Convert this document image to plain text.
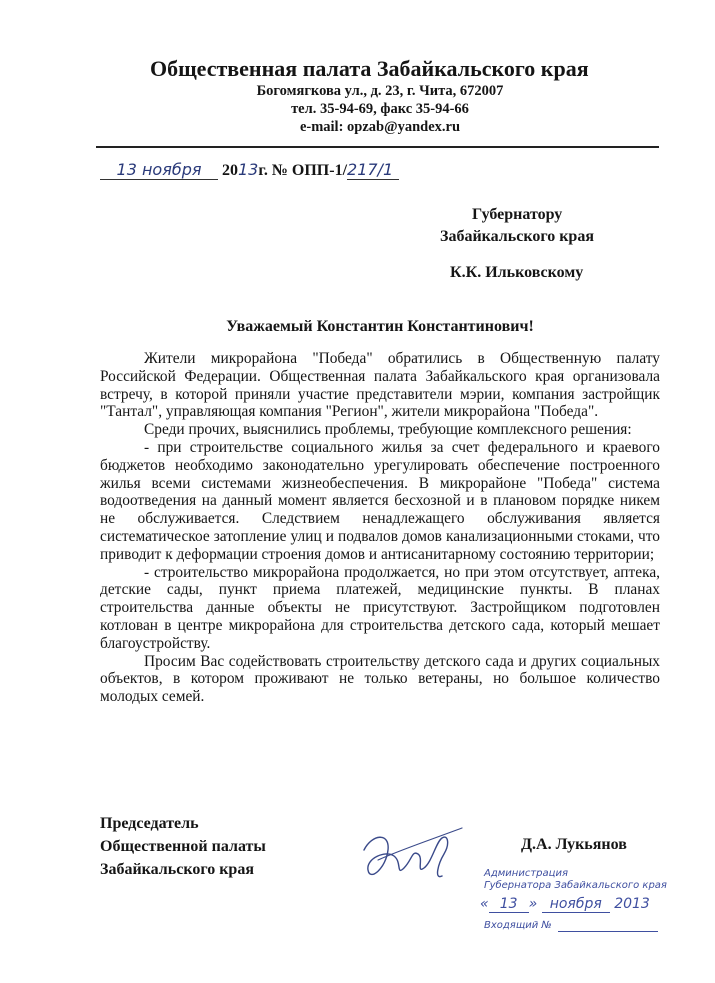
Общественная палата Забайкальского края
Богомягкова ул., д. 23, г. Чита, 672007
тел. 35-94-69, факс 35-94-66
e-mail: opzab@yandex.ru
13 ноября 2013г. № ОПП-1/217/1
Губернатору
Забайкальского края
К.К. Ильковскому
Уважаемый Константин Константинович!

Жители микрорайона "Победа" обратились в Общественную палату Российской Федерации. Общественная палата Забайкальского края организовала встречу, в которой приняли участие представители мэрии, компания застройщик "Тантал", управляющая компания "Регион", жители микрорайона "Победа".

Среди прочих, выяснились проблемы, требующие комплексного решения:

- при строительстве социального жилья за счет федерального и краевого бюджетов необходимо законодательно урегулировать обеспечение построенного жилья всеми системами жизнеобеспечения. В микрорайоне "Победа" система водоотведения на данный момент является бесхозной и в плановом порядке никем не обслуживается. Следствием ненадлежащего обслуживания является систематическое затопление улиц и подвалов домов канализационными стоками, что приводит к деформации строения домов и антисанитарному состоянию территории;

- строительство микрорайона продолжается, но при этом отсутствует, аптека, детские сады, пункт приема платежей, медицинские пункты. В планах строительства данные объекты не присутствуют. Застройщиком подготовлен котлован в центре микрорайона для строительства детского сада, который мешает благоустройству.

Просим Вас содействовать строительству детского сада и других социальных объектов, в котором проживают не только ветераны, но большое количество молодых семей.

Председатель
Общественной палаты
Забайкальского края
Д.А. Лукьянов
Администрация
Губернатора Забайкальского края
« 13 » ноября 2013
Входящий №
